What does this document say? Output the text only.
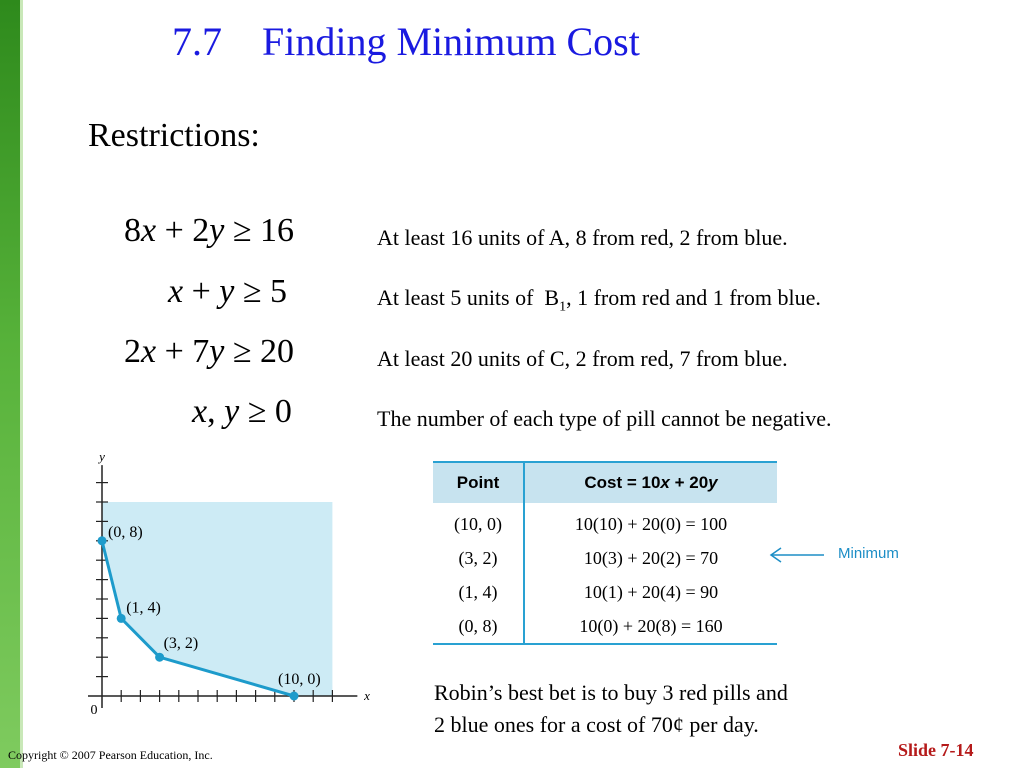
7.7    Finding Minimum Cost
Restrictions:
8x + 2y ≥ 16
x + y ≥ 5
2x + 7y ≥ 20
x, y ≥ 0
At least 16 units of A, 8 from red, 2 from blue.
At least 5 units of  $B_1$, 1 from red and 1 from blue.
At least 20 units of C, 2 from red, 7 from blue.
The number of each type of pill cannot be negative.
y
x
0
(0, 8)
(1, 4)
(3, 2)
(10, 0)
Point	Cost = 10x + 20y
(10, 0)	10(10) + 20(0) = 100
(3, 2)	10(3) + 20(2) = 70
(1, 4)	10(1) + 20(4) = 90
(0, 8)	10(0) + 20(8) = 160
Minimum
Robin’s best bet is to buy 3 red pills and
2 blue ones for a cost of 70¢ per day.
Copyright © 2007 Pearson Education, Inc.	Slide 7-14
